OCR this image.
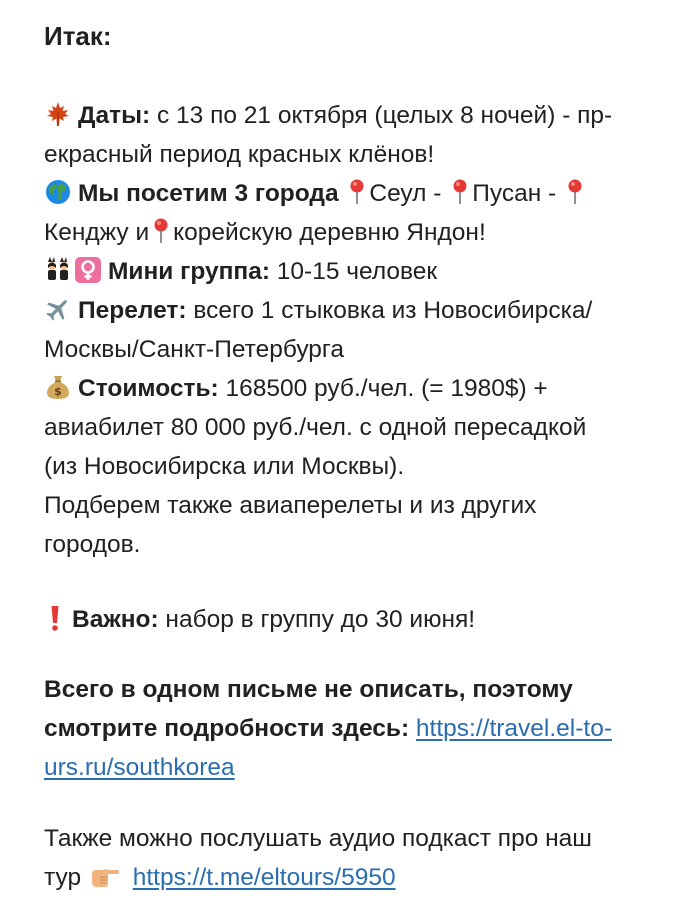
Итак:

Даты: с 13 по 21 октября (целых 8 ночей) - пр-
екрасный период красных клёнов!

Мы посетим 3 города Сеул - Пусан -

Кенджу и корейскую деревню Яндон!

Мини группа: 10-15 человек

Перелет: всего 1 стыковка из Новосибирска/
Москвы/Санкт-Петербурга

$ Стоимость: 168500 руб./чел. (= 1980$) +
авиабилет 80 000 руб./чел. с одной пересадкой
(из Новосибирска или Москвы).
Подберем также авиаперелеты и из других
городов.

Важно: набор в группу до 30 июня!

Всего в одном письме не описать, поэтому
смотрите подробности здесь: https://travel.el-to-
urs.ru/southkorea

Также можно послушать аудио подкаст про наш
тур https://t.me/eltours/5950
